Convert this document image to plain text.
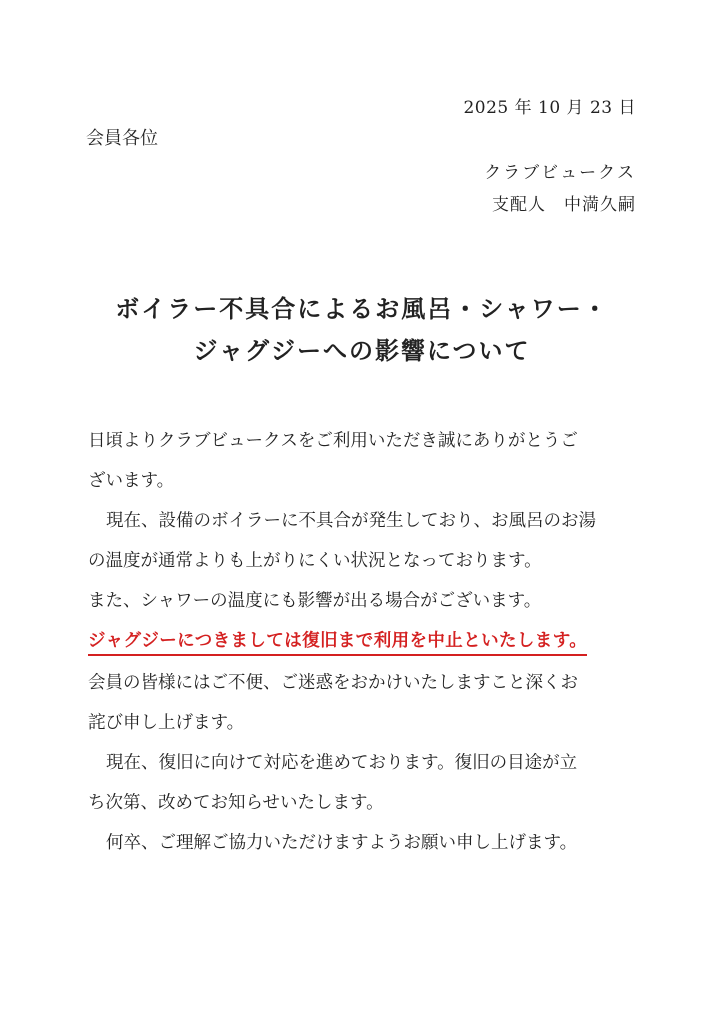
2025 年 10 月 23 日
会員各位
クラブビュークス
支配人　中満久嗣
ボイラー不具合によるお風呂・シャワー・
ジャグジーへの影響について

日頃よりクラブビュークスをご利用いただき誠にありがとうご

ざいます。

現在、設備のボイラーに不具合が発生しており、お風呂のお湯

の温度が通常よりも上がりにくい状況となっております。

また、シャワーの温度にも影響が出る場合がございます。

ジャグジーにつきましては復旧まで利用を中止といたします。

会員の皆様にはご不便、ご迷惑をおかけいたしますこと深くお

詫び申し上げます。

現在、復旧に向けて対応を進めております。復旧の目途が立

ち次第、改めてお知らせいたします。

何卒、ご理解ご協力いただけますようお願い申し上げます。
